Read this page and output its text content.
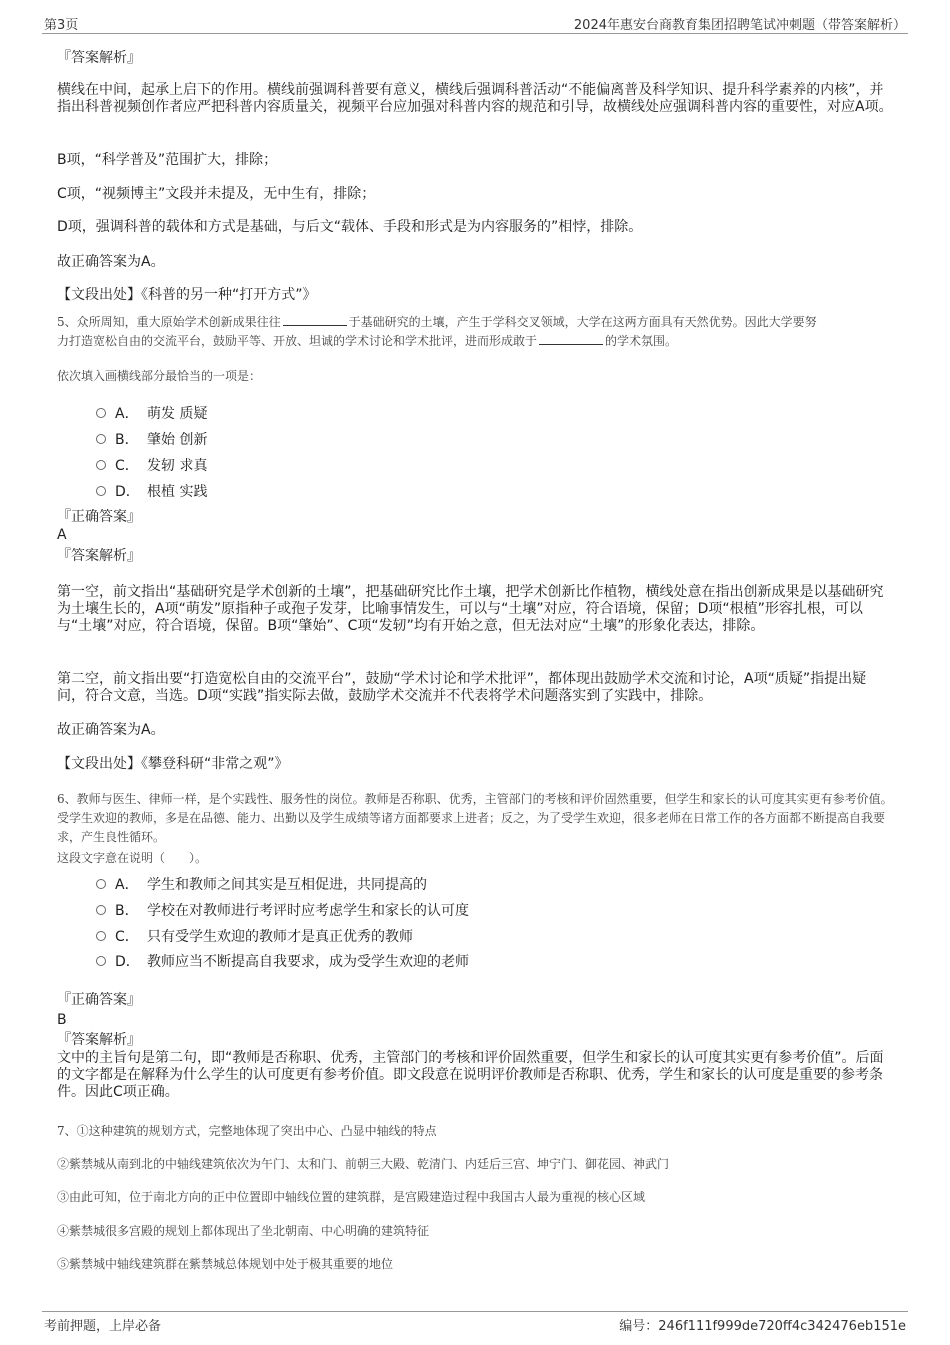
第3页	2024年惠安台商教育集团招聘笔试冲刺题（带答案解析）
『答案解析』
横线在中间，起承上启下的作用。横线前强调科普要有意义，横线后强调科普活动“不能偏离普及科学知识、提升科学素养的内核”，并指出科普视频创作者应严把科普内容质量关，视频平台应加强对科普内容的规范和引导，故横线处应强调科普内容的重要性，对应A项。
B项，“科学普及”范围扩大，排除；
C项，“视频博主”文段并未提及，无中生有，排除；
D项，强调科普的载体和方式是基础，与后文“载体、手段和形式是为内容服务的”相悖，排除。
故正确答案为A。
【文段出处】《科普的另一种“打开方式”》
5、众所周知，重大原始学术创新成果往往	于基础研究的土壤，产生于学科交叉领域，大学在这两方面具有天然优势。因此大学要努
力打造宽松自由的交流平台，鼓励平等、开放、坦诚的学术讨论和学术批评，进而形成敢于	的学术氛围。
依次填入画横线部分最恰当的一项是：
A． 萌发 质疑
B． 肇始 创新
C． 发轫 求真
D． 根植 实践
『正确答案』
A
『答案解析』
第一空，前文指出“基础研究是学术创新的土壤”，把基础研究比作土壤，把学术创新比作植物，横线处意在指出创新成果是以基础研究为土壤生长的，A项“萌发”原指种子或孢子发芽，比喻事情发生，可以与“土壤”对应，符合语境，保留；D项“根植”形容扎根，可以与“土壤”对应，符合语境，保留。B项“肇始”、C项“发轫”均有开始之意，但无法对应“土壤”的形象化表达，排除。
第二空，前文指出要“打造宽松自由的交流平台”，鼓励“学术讨论和学术批评”，都体现出鼓励学术交流和讨论，A项“质疑”指提出疑问，符合文意，当选。D项“实践”指实际去做，鼓励学术交流并不代表将学术问题落实到了实践中，排除。
故正确答案为A。
【文段出处】《攀登科研“非常之观”》
6、教师与医生、律师一样，是个实践性、服务性的岗位。教师是否称职、优秀，主管部门的考核和评价固然重要，但学生和家长的认可度其实更有参考价值。受学生欢迎的教师，多是在品德、能力、出勤以及学生成绩等诸方面都要求上进者；反之，为了受学生欢迎，很多老师在日常工作的各方面都不断提高自我要求，产生良性循环。
这段文字意在说明（　　）。
A． 学生和教师之间其实是互相促进，共同提高的
B． 学校在对教师进行考评时应考虑学生和家长的认可度
C． 只有受学生欢迎的教师才是真正优秀的教师
D． 教师应当不断提高自我要求，成为受学生欢迎的老师
『正确答案』
B
『答案解析』
文中的主旨句是第二句，即“教师是否称职、优秀，主管部门的考核和评价固然重要，但学生和家长的认可度其实更有参考价值”。后面的文字都是在解释为什么学生的认可度更有参考价值。即文段意在说明评价教师是否称职、优秀，学生和家长的认可度是重要的参考条件。因此C项正确。
7、①这种建筑的规划方式，完整地体现了突出中心、凸显中轴线的特点
②紫禁城从南到北的中轴线建筑依次为午门、太和门、前朝三大殿、乾清门、内廷后三宫、坤宁门、御花园、神武门
③由此可知，位于南北方向的正中位置即中轴线位置的建筑群，是宫殿建造过程中我国古人最为重视的核心区域
④紫禁城很多宫殿的规划上都体现出了坐北朝南、中心明确的建筑特征
⑤紫禁城中轴线建筑群在紫禁城总体规划中处于极其重要的地位
考前押题，上岸必备	编号：246f111f999de720ff4c342476eb151e
